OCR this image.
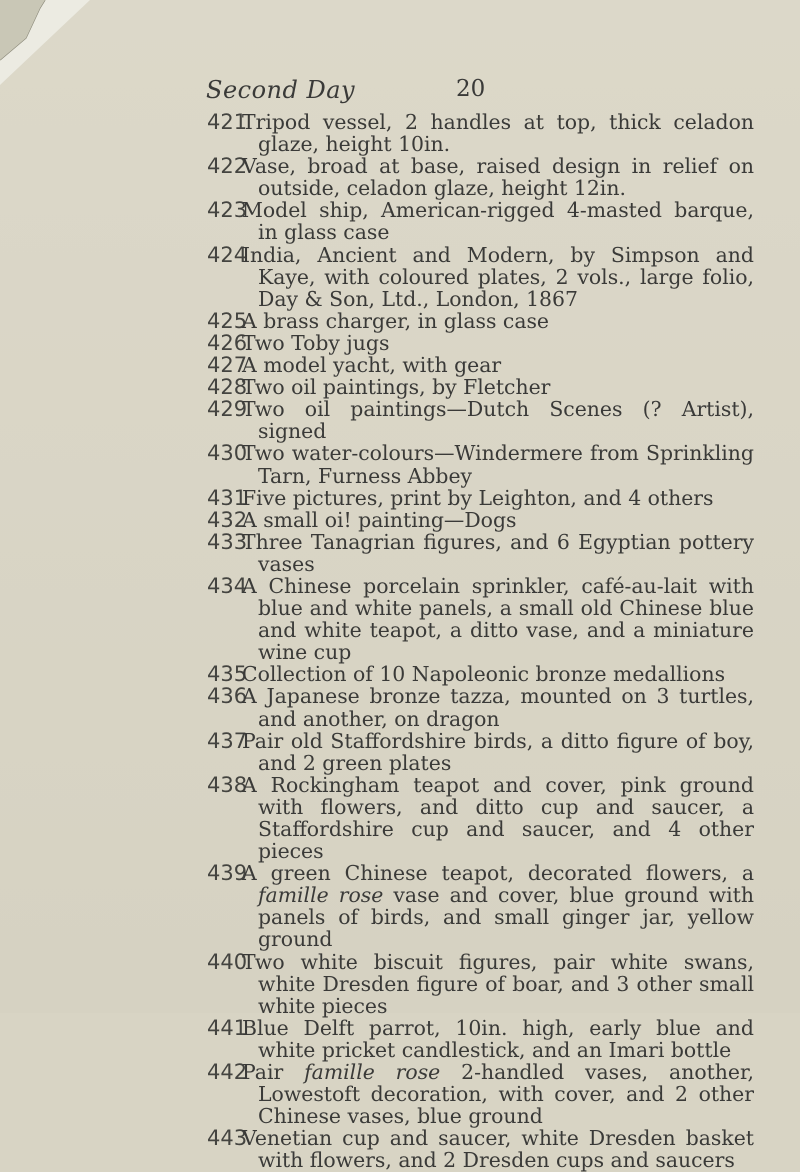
Second Day	20
421
Tripod vessel, 2 handles at top, thick celadon glaze, height 10in.
422
Vase, broad at base, raised design in relief on outside, celadon glaze, height 12in.
423
Model ship, American-rigged 4-masted barque, in glass case
424
India, Ancient and Modern, by Simpson and Kaye, with coloured plates, 2 vols., large folio, Day & Son, Ltd., London, 1867
425
A brass charger, in glass case
426
Two Toby jugs
427
A model yacht, with gear
428
Two oil paintings, by Fletcher
429
Two oil paintings—Dutch Scenes (? Artist), signed
430
Two water-colours—Windermere from Sprinkling Tarn, Furness Abbey
431
Five pictures, print by Leighton, and 4 others
432
A small oi! painting—Dogs
433
Three Tanagrian figures, and 6 Egyptian pottery vases
434
A Chinese porcelain sprinkler, café-au-lait with blue and white panels, a small old Chinese blue and white teapot, a ditto vase, and a miniature wine cup
435
Collection of 10 Napoleonic bronze medallions
436
A Japanese bronze tazza, mounted on 3 turtles, and another, on dragon
437
Pair old Staffordshire birds, a ditto figure of boy, and 2 green plates
438
A Rockingham teapot and cover, pink ground with flowers, and ditto cup and saucer, a Staffordshire cup and saucer, and 4 other pieces
439
A green Chinese teapot, decorated flowers, a famille rose vase and cover, blue ground with panels of birds, and small ginger jar, yellow ground
440
Two white biscuit figures, pair white swans, white Dresden figure of boar, and 3 other small white pieces
441
Blue Delft parrot, 10in. high, early blue and white pricket candlestick, and an Imari bottle
442
Pair famille rose 2-handled vases, another, Lowestoft decoration, with cover, and 2 other Chinese vases, blue ground
443
Venetian cup and saucer, white Dresden basket with flowers, and 2 Dresden cups and saucers
